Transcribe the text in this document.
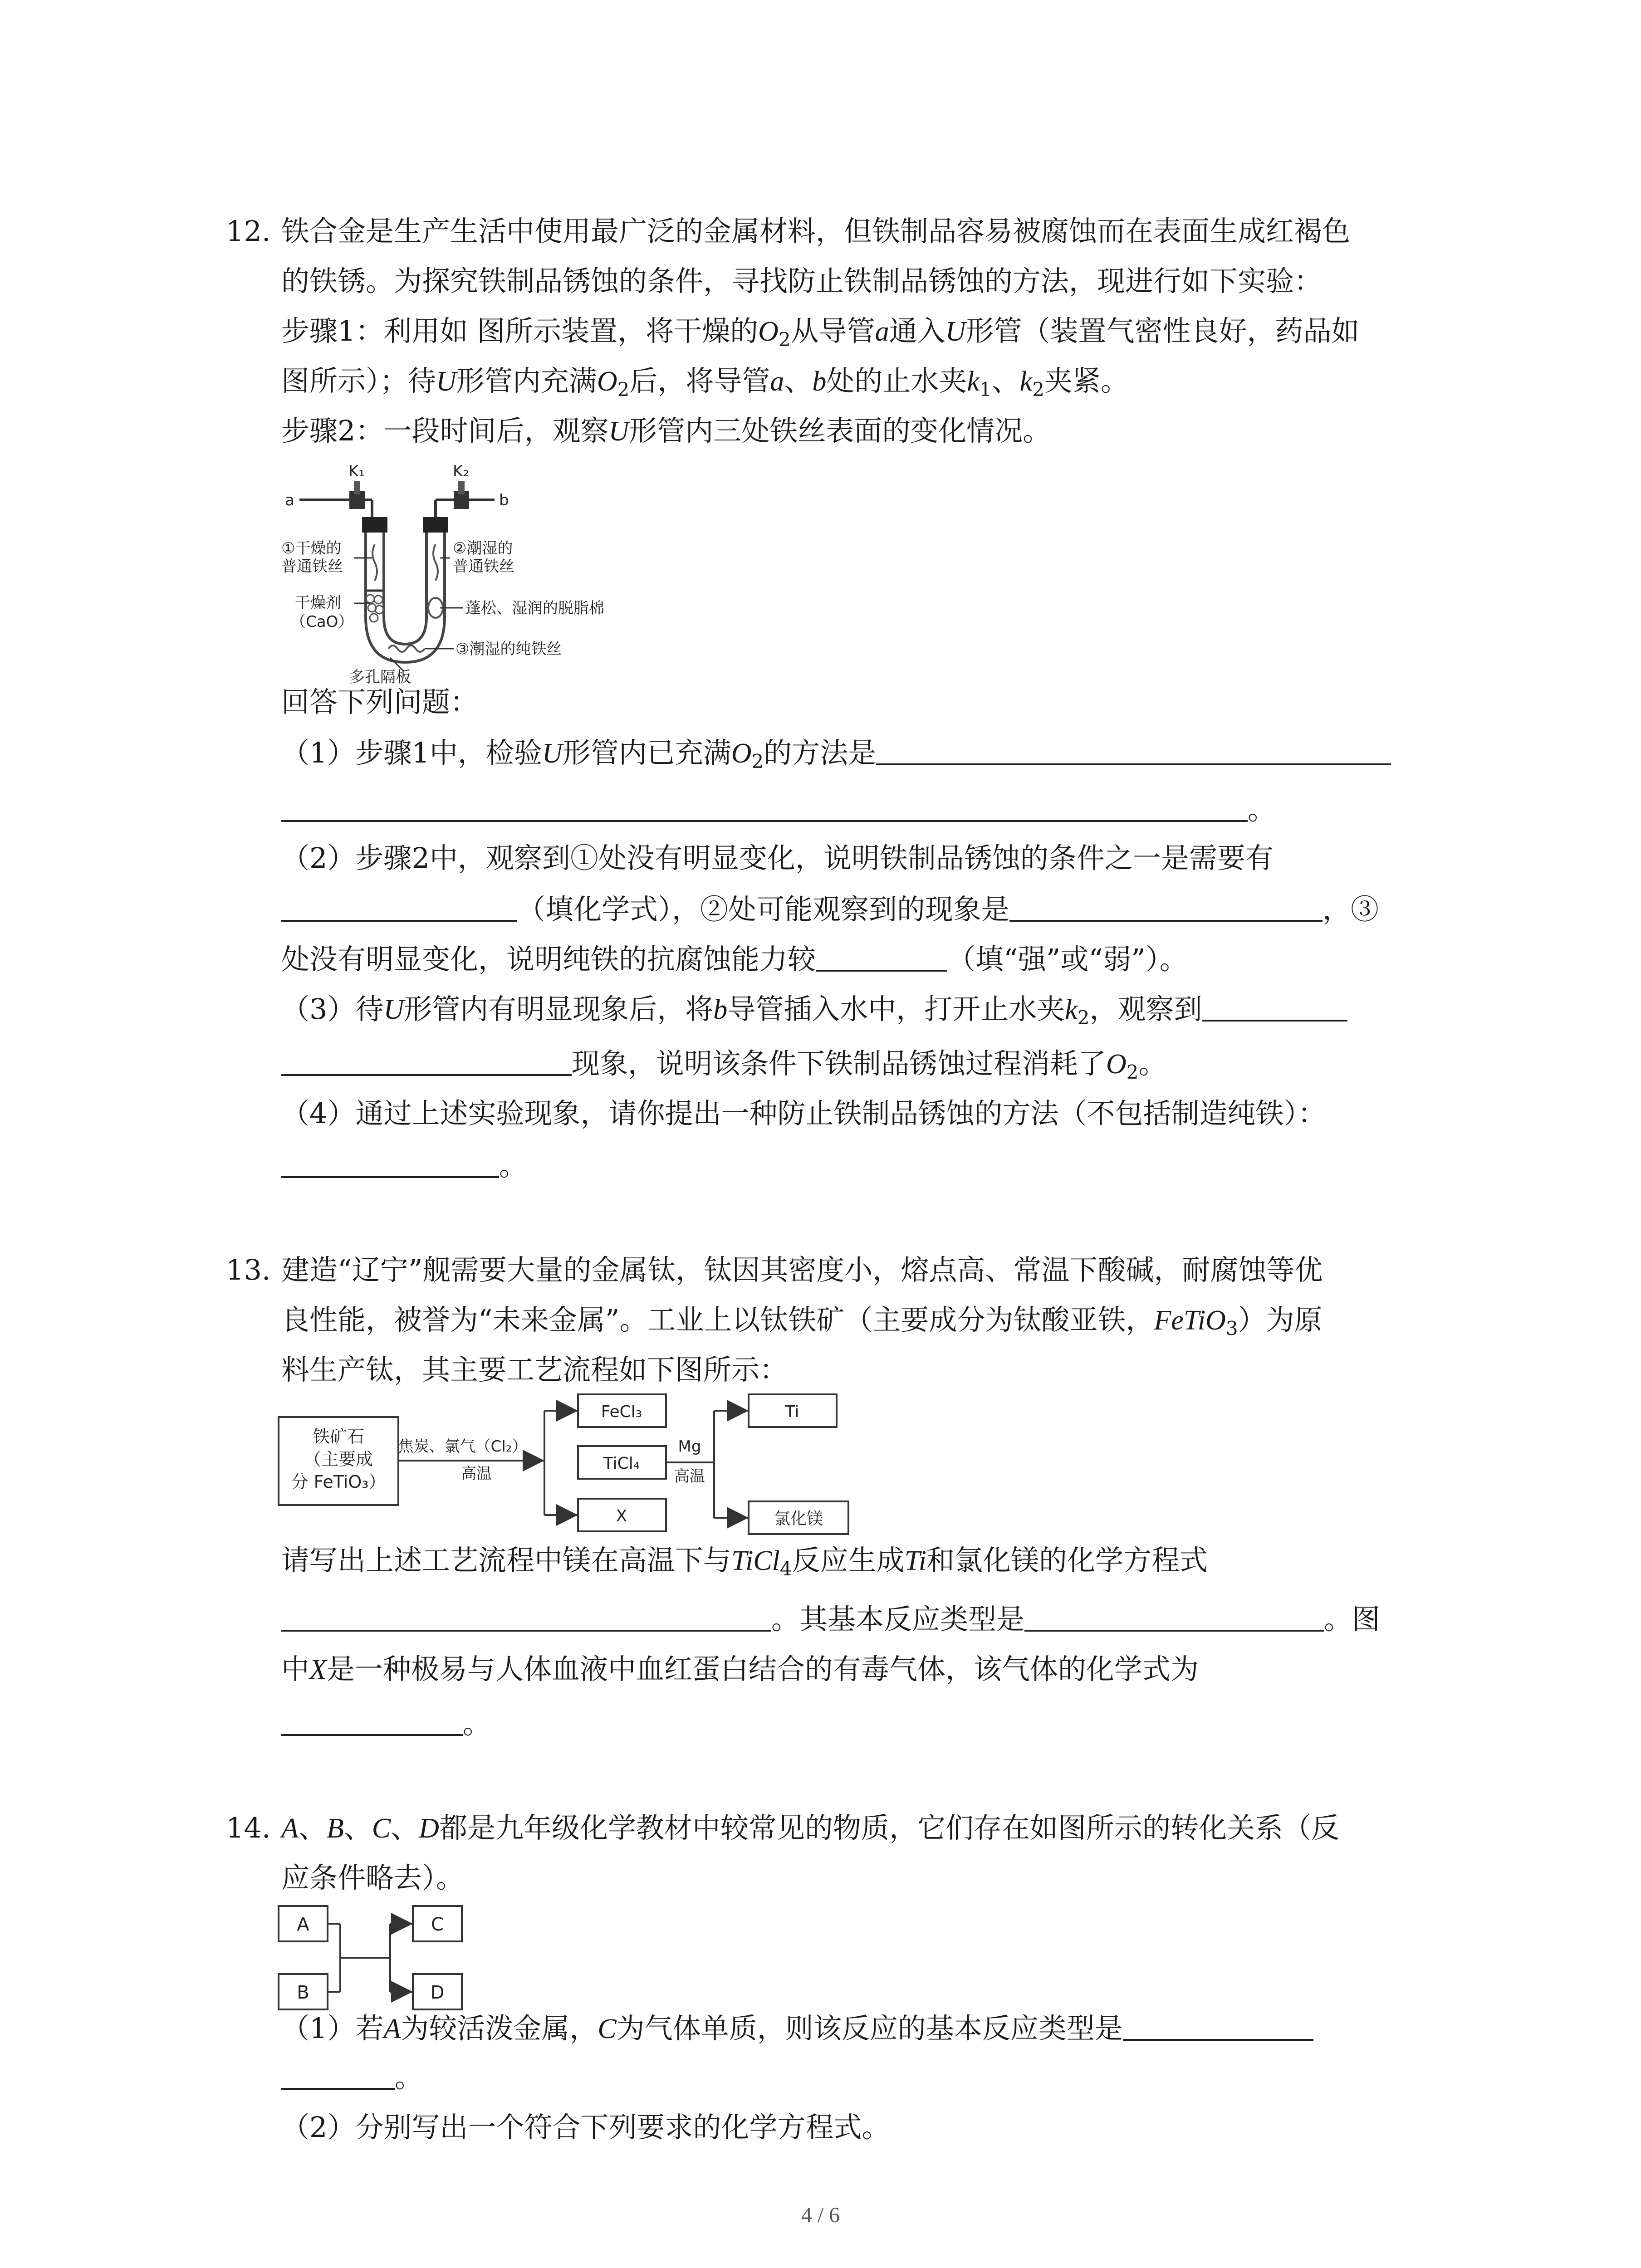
12. 铁合金是生产生活中使用最广泛的金属材料，但铁制品容易被腐蚀而在表面生成红褐色
的铁锈。为探究铁制品锈蚀的条件，寻找防止铁制品锈蚀的方法，现进行如下实验：
步骤1：利用如 图所示装置，将干燥的$O_2$从导管a通入U形管（装置气密性良好，药品如
图所示）；待U形管内充满$O_2$后，将导管a、b处的止水夹$k_1$、$k_2$夹紧。
步骤2：一段时间后，观察U形管内三处铁丝表面的变化情况。
K₁	K₂
a	b
①干燥的
普通铁丝
②潮湿的
普通铁丝
干燥剂
（CaO）
蓬松、湿润的脱脂棉
③潮湿的纯铁丝
多孔隔板
回答下列问题：
（1）步骤1中，检验U形管内已充满$O_2$的方法是
。
（2）步骤2中，观察到①处没有明显变化，说明铁制品锈蚀的条件之一是需要有
（填化学式），②处可能观察到的现象是	，③
处没有明显变化，说明纯铁的抗腐蚀能力较	（填“强”或“弱”）。
（3）待U形管内有明显现象后，将b导管插入水中，打开止水夹$k_2$，观察到
现象，说明该条件下铁制品锈蚀过程消耗了$O_2$。
（4）通过上述实验现象，请你提出一种防止铁制品锈蚀的方法（不包括制造纯铁）：
。
13. 建造“辽宁”舰需要大量的金属钛，钛因其密度小，熔点高、常温下酸碱，耐腐蚀等优
良性能，被誉为“未来金属”。工业上以钛铁矿（主要成分为钛酸亚铁，FeTiO$_3$）为原
料生产钛，其主要工艺流程如下图所示：
铁矿石
（主要成
分 FeTiO₃）
焦炭、氯气（Cl₂）
高温
FeCl₃
TiCl₄
X
Mg
高温
Ti
氯化镁
请写出上述工艺流程中镁在高温下与TiCl$_4$反应生成Ti和氯化镁的化学方程式
。其基本反应类型是	。图
中X是一种极易与人体血液中血红蛋白结合的有毒气体，该气体的化学式为
。
14. A、B、C、D都是九年级化学教材中较常见的物质，它们存在如图所示的转化关系（反
应条件略去）。
A
B
C
D
（1）若A为较活泼金属，C为气体单质，则该反应的基本反应类型是
。
（2）分别写出一个符合下列要求的化学方程式。
4 / 6
